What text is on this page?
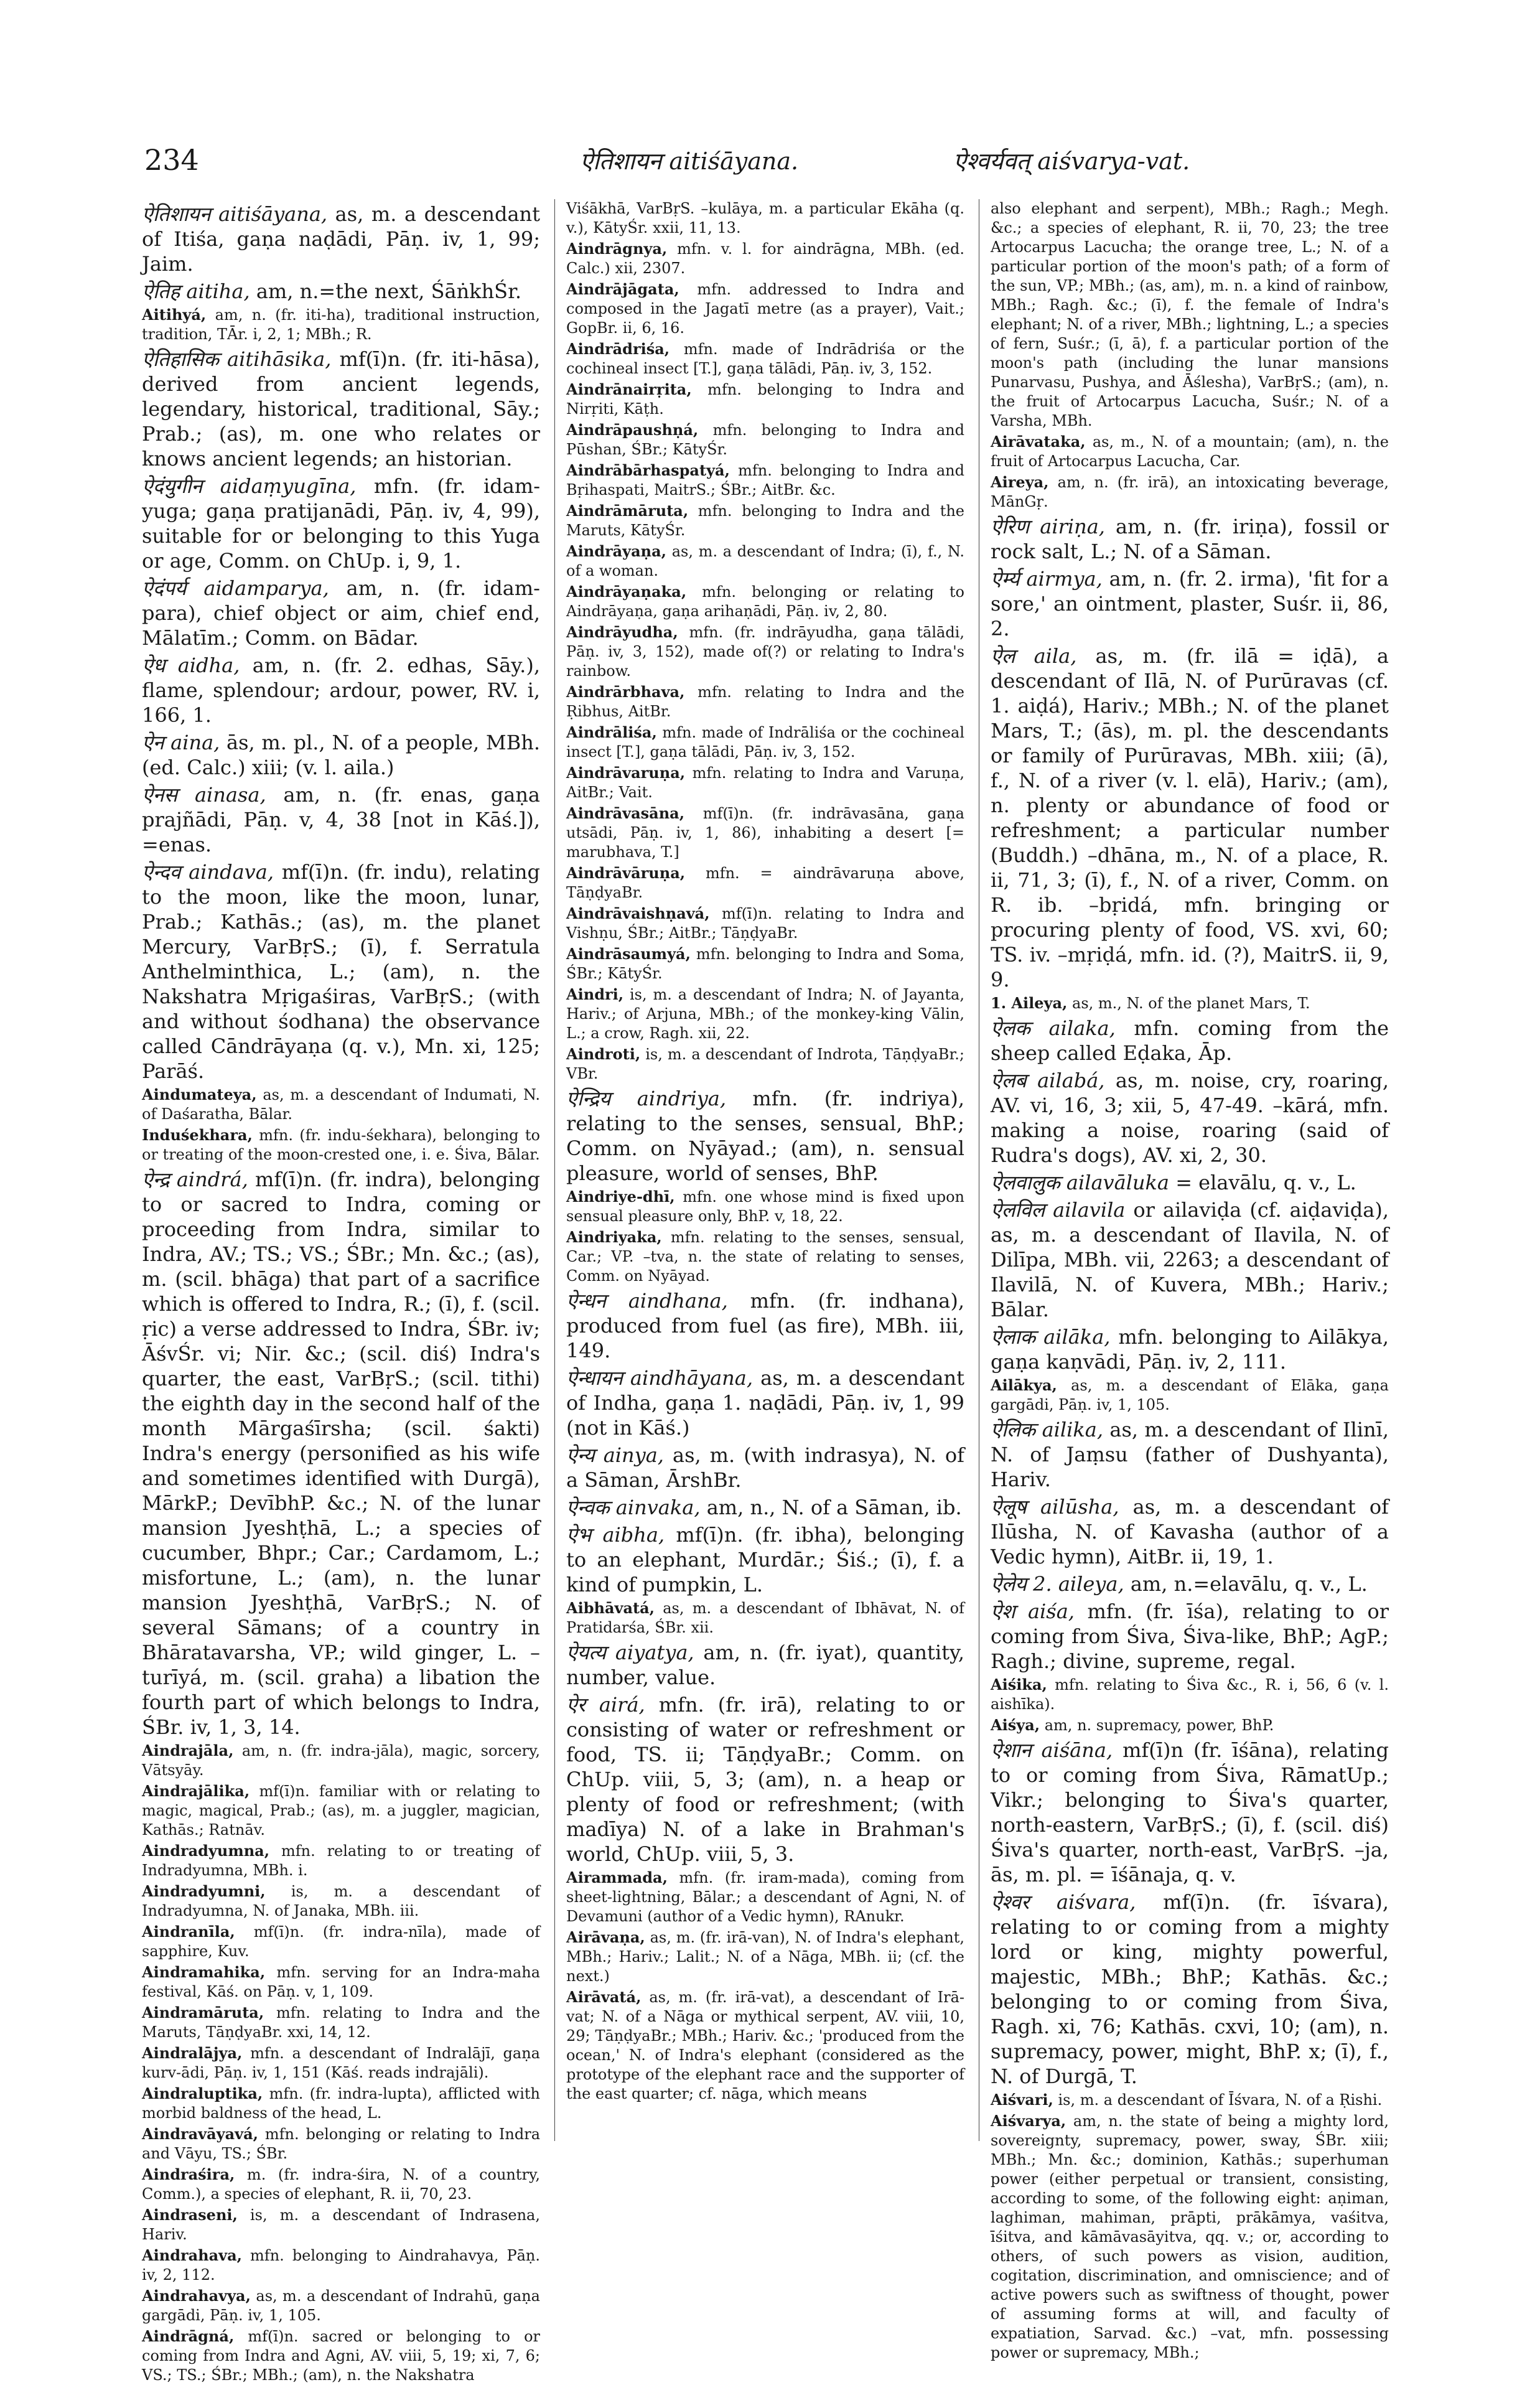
234	ऐतिशायन aitiśāyana.	ऐश्वर्यवत् aiśvarya-vat.

ऐतिशायन aitiśāyana, as, m. a descendant of Itiśa, gaṇa naḍādi, Pāṇ. iv, 1, 99; Jaim.

ऐतिह aitiha, am, n.=the next, ŚāṅkhŚr.

Aitihyá, am, n. (fr. iti-ha), traditional instruction, tradition, TĀr. i, 2, 1; MBh.; R.

ऐतिहासिक aitihāsika, mf(ī)n. (fr. iti-hāsa), derived from ancient legends, legendary, historical, traditional, Sāy.; Prab.; (as), m. one who relates or knows ancient legends; an historian.

ऐदंयुगीन aidaṃyugīna, mfn. (fr. idam-yuga; gaṇa pratijanādi, Pāṇ. iv, 4, 99), suitable for or belonging to this Yuga or age, Comm. on ChUp. i, 9, 1.

ऐदंपर्य aidamparya, am, n. (fr. idam-para), chief object or aim, chief end, Mālatīm.; Comm. on Bādar.

ऐध aidha, am, n. (fr. 2. edhas, Sāy.), flame, splendour; ardour, power, RV. i, 166, 1.

ऐन aina, ās, m. pl., N. of a people, MBh. (ed. Calc.) xiii; (v. l. aila.)

ऐनस ainasa, am, n. (fr. enas, gaṇa prajñādi, Pāṇ. v, 4, 38 [not in Kāś.]), =enas.

ऐन्दव aindava, mf(ī)n. (fr. indu), relating to the moon, like the moon, lunar, Prab.; Kathās.; (as), m. the planet Mercury, VarBṛS.; (ī), f. Serratula Anthelminthica, L.; (am), n. the Nakshatra Mṛigaśiras, VarBṛS.; (with and without śodhana) the observance called Cāndrāyaṇa (q. v.), Mn. xi, 125; Parāś.

Aindumateya, as, m. a descendant of Indumati, N. of Daśaratha, Bālar.

Induśekhara, mfn. (fr. indu-śekhara), belonging to or treating of the moon-crested one, i. e. Śiva, Bālar.

ऐन्द्र aindrá, mf(ī)n. (fr. indra), belonging to or sacred to Indra, coming or proceeding from Indra, similar to Indra, AV.; TS.; VS.; ŚBr.; Mn. &c.; (as), m. (scil. bhāga) that part of a sacrifice which is offered to Indra, R.; (ī), f. (scil. ṛic) a verse addressed to Indra, ŚBr. iv; ĀśvŚr. vi; Nir. &c.; (scil. diś) Indra's quarter, the east, VarBṛS.; (scil. tithi) the eighth day in the second half of the month Mārgaśīrsha; (scil. śakti) Indra's energy (personified as his wife and sometimes identified with Durgā), MārkP.; DevībhP. &c.; N. of the lunar mansion Jyeshṭhā, L.; a species of cucumber, Bhpr.; Car.; Cardamom, L.; misfortune, L.; (am), n. the lunar mansion Jyeshṭhā, VarBṛS.; N. of several Sāmans; of a country in Bhāratavarsha, VP.; wild ginger, L. –turīyá, m. (scil. graha) a libation the fourth part of which belongs to Indra, ŚBr. iv, 1, 3, 14.

Aindrajāla, am, n. (fr. indra-jāla), magic, sorcery, Vātsyāy.

Aindrajālika, mf(ī)n. familiar with or relating to magic, magical, Prab.; (as), m. a juggler, magician, Kathās.; Ratnāv.

Aindradyumna, mfn. relating to or treating of Indradyumna, MBh. i.

Aindradyumni, is, m. a descendant of Indradyumna, N. of Janaka, MBh. iii.

Aindranīla, mf(ī)n. (fr. indra-nīla), made of sapphire, Kuv.

Aindramahika, mfn. serving for an Indra-maha festival, Kāś. on Pāṇ. v, 1, 109.

Aindramāruta, mfn. relating to Indra and the Maruts, TāṇḍyaBr. xxi, 14, 12.

Aindralājya, mfn. a descendant of Indralājī, gaṇa kurv-ādi, Pāṇ. iv, 1, 151 (Kāś. reads indrajāli).

Aindraluptika, mfn. (fr. indra-lupta), afflicted with morbid baldness of the head, L.

Aindravāyavá, mfn. belonging or relating to Indra and Vāyu, TS.; ŚBr.

Aindraśira, m. (fr. indra-śira, N. of a country, Comm.), a species of elephant, R. ii, 70, 23.

Aindraseni, is, m. a descendant of Indrasena, Hariv.

Aindrahava, mfn. belonging to Aindrahavya, Pāṇ. iv, 2, 112.

Aindrahavya, as, m. a descendant of Indrahū, gaṇa gargādi, Pāṇ. iv, 1, 105.

Aindrāgná, mf(ī)n. sacred or belonging to or coming from Indra and Agni, AV. viii, 5, 19; xi, 7, 6; VS.; TS.; ŚBr.; MBh.; (am), n. the Nakshatra

Viśākhā, VarBṛS. –kulāya, m. a particular Ekāha (q. v.), KātyŚr. xxii, 11, 13.

Aindrāgnya, mfn. v. l. for aindrāgna, MBh. (ed. Calc.) xii, 2307.

Aindrājāgata, mfn. addressed to Indra and composed in the Jagatī metre (as a prayer), Vait.; GopBr. ii, 6, 16.

Aindrādriśa, mfn. made of Indrādriśa or the cochineal insect [T.], gaṇa tālādi, Pāṇ. iv, 3, 152.

Aindrānairṛita, mfn. belonging to Indra and Nirṛiti, Kāṭh.

Aindrāpaushṇá, mfn. belonging to Indra and Pūshan, ŚBr.; KātyŚr.

Aindrābārhaspatyá, mfn. belonging to Indra and Bṛihaspati, MaitrS.; ŚBr.; AitBr. &c.

Aindrāmāruta, mfn. belonging to Indra and the Maruts, KātyŚr.

Aindrāyaṇa, as, m. a descendant of Indra; (ī), f., N. of a woman.

Aindrāyaṇaka, mfn. belonging or relating to Aindrāyaṇa, gaṇa arihaṇādi, Pāṇ. iv, 2, 80.

Aindrāyudha, mfn. (fr. indrāyudha, gaṇa tālādi, Pāṇ. iv, 3, 152), made of(?) or relating to Indra's rainbow.

Aindrārbhava, mfn. relating to Indra and the Ṛibhus, AitBr.

Aindrāliśa, mfn. made of Indrāliśa or the cochineal insect [T.], gaṇa tālādi, Pāṇ. iv, 3, 152.

Aindrāvaruṇa, mfn. relating to Indra and Varuṇa, AitBr.; Vait.

Aindrāvasāna, mf(ī)n. (fr. indrāvasāna, gaṇa utsādi, Pāṇ. iv, 1, 86), inhabiting a desert [= marubhava, T.]

Aindrāvāruṇa, mfn. = aindrāvaruṇa above, TāṇḍyaBr.

Aindrāvaishṇavá, mf(ī)n. relating to Indra and Vishṇu, ŚBr.; AitBr.; TāṇḍyaBr.

Aindrāsaumyá, mfn. belonging to Indra and Soma, ŚBr.; KātyŚr.

Aindri, is, m. a descendant of Indra; N. of Jayanta, Hariv.; of Arjuna, MBh.; of the monkey-king Vālin, L.; a crow, Ragh. xii, 22.

Aindroti, is, m. a descendant of Indrota, TāṇḍyaBr.; VBr.

ऐन्द्रिय aindriya, mfn. (fr. indriya), relating to the senses, sensual, BhP.; Comm. on Nyāyad.; (am), n. sensual pleasure, world of senses, BhP.

Aindriye-dhī, mfn. one whose mind is fixed upon sensual pleasure only, BhP. v, 18, 22.

Aindriyaka, mfn. relating to the senses, sensual, Car.; VP. –tva, n. the state of relating to senses, Comm. on Nyāyad.

ऐन्धन aindhana, mfn. (fr. indhana), produced from fuel (as fire), MBh. iii, 149.

ऐन्धायन aindhāyana, as, m. a descendant of Indha, gaṇa 1. naḍādi, Pāṇ. iv, 1, 99 (not in Kāś.)

ऐन्य ainya, as, m. (with indrasya), N. of a Sāman, ĀrshBr.

ऐन्वक ainvaka, am, n., N. of a Sāman, ib.

ऐभ aibha, mf(ī)n. (fr. ibha), belonging to an elephant, Murdār.; Śiś.; (ī), f. a kind of pumpkin, L.

Aibhāvatá, as, m. a descendant of Ibhāvat, N. of Pratidarśa, ŚBr. xii.

ऐयत्य aiyatya, am, n. (fr. iyat), quantity, number, value.

ऐर airá, mfn. (fr. irā), relating to or consisting of water or refreshment or food, TS. ii; TāṇḍyaBr.; Comm. on ChUp. viii, 5, 3; (am), n. a heap or plenty of food or refreshment; (with madīya) N. of a lake in Brahman's world, ChUp. viii, 5, 3.

Airammada, mfn. (fr. iram-mada), coming from sheet-lightning, Bālar.; a descendant of Agni, N. of Devamuni (author of a Vedic hymn), RAnukr.

Airāvaṇa, as, m. (fr. irā-van), N. of Indra's elephant, MBh.; Hariv.; Lalit.; N. of a Nāga, MBh. ii; (cf. the next.)

Airāvatá, as, m. (fr. irā-vat), a descendant of Irā-vat; N. of a Nāga or mythical serpent, AV. viii, 10, 29; TāṇḍyaBr.; MBh.; Hariv. &c.; 'produced from the ocean,' N. of Indra's elephant (considered as the prototype of the elephant race and the supporter of the east quarter; cf. nāga, which means

also elephant and serpent), MBh.; Ragh.; Megh. &c.; a species of elephant, R. ii, 70, 23; the tree Artocarpus Lacucha; the orange tree, L.; N. of a particular portion of the moon's path; of a form of the sun, VP.; MBh.; (as, am), m. n. a kind of rainbow, MBh.; Ragh. &c.; (ī), f. the female of Indra's elephant; N. of a river, MBh.; lightning, L.; a species of fern, Suśr.; (ī, ā), f. a particular portion of the moon's path (including the lunar mansions Punarvasu, Pushya, and Āślesha), VarBṛS.; (am), n. the fruit of Artocarpus Lacucha, Suśr.; N. of a Varsha, MBh.

Airāvataka, as, m., N. of a mountain; (am), n. the fruit of Artocarpus Lacucha, Car.

Aireya, am, n. (fr. irā), an intoxicating beverage, MānGṛ.

ऐरिण airiṇa, am, n. (fr. iriṇa), fossil or rock salt, L.; N. of a Sāman.

ऐर्म्य airmya, am, n. (fr. 2. irma), 'fit for a sore,' an ointment, plaster, Suśr. ii, 86, 2.

ऐल aila, as, m. (fr. ilā = iḍā), a descendant of Ilā, N. of Purūravas (cf. 1. aiḍá), Hariv.; MBh.; N. of the planet Mars, T.; (ās), m. pl. the descendants or family of Purūravas, MBh. xiii; (ā), f., N. of a river (v. l. elā), Hariv.; (am), n. plenty or abundance of food or refreshment; a particular number (Buddh.) –dhāna, m., N. of a place, R. ii, 71, 3; (ī), f., N. of a river, Comm. on R. ib. –bṛidá, mfn. bringing or procuring plenty of food, VS. xvi, 60; TS. iv. –mṛiḍá, mfn. id. (?), MaitrS. ii, 9, 9.

1. Aileya, as, m., N. of the planet Mars, T.

ऐलक ailaka, mfn. coming from the sheep called Eḍaka, Āp.

ऐलब ailabá, as, m. noise, cry, roaring, AV. vi, 16, 3; xii, 5, 47-49. –kārá, mfn. making a noise, roaring (said of Rudra's dogs), AV. xi, 2, 30.

ऐलवालुक ailavāluka = elavālu, q. v., L.

ऐलविल ailavila or ailaviḍa (cf. aiḍaviḍa), as, m. a descendant of Ilavila, N. of Dilīpa, MBh. vii, 2263; a descendant of Ilavilā, N. of Kuvera, MBh.; Hariv.; Bālar.

ऐलाक ailāka, mfn. belonging to Ailākya, gaṇa kaṇvādi, Pāṇ. iv, 2, 111.

Ailākya, as, m. a descendant of Elāka, gaṇa gargādi, Pāṇ. iv, 1, 105.

ऐलिक ailika, as, m. a descendant of Ilinī, N. of Jaṃsu (father of Dushyanta), Hariv.

ऐलूष ailūsha, as, m. a descendant of Ilūsha, N. of Kavasha (author of a Vedic hymn), AitBr. ii, 19, 1.

ऐलेय 2. aileya, am, n.=elavālu, q. v., L.

ऐश aiśa, mfn. (fr. īśa), relating to or coming from Śiva, Śiva-like, BhP.; AgP.; Ragh.; divine, supreme, regal.

Aiśika, mfn. relating to Śiva &c., R. i, 56, 6 (v. l. aishīka).

Aiśya, am, n. supremacy, power, BhP.

ऐशान aiśāna, mf(ī)n (fr. īśāna), relating to or coming from Śiva, RāmatUp.; Vikr.; belonging to Śiva's quarter, north-eastern, VarBṛS.; (ī), f. (scil. diś) Śiva's quarter, north-east, VarBṛS. –ja, ās, m. pl. = īśānaja, q. v.

ऐश्वर aiśvara, mf(ī)n. (fr. īśvara), relating to or coming from a mighty lord or king, mighty powerful, majestic, MBh.; BhP.; Kathās. &c.; belonging to or coming from Śiva, Ragh. xi, 76; Kathās. cxvi, 10; (am), n. supremacy, power, might, BhP. x; (ī), f., N. of Durgā, T.

Aiśvari, is, m. a descendant of Īśvara, N. of a Ṛishi.

Aiśvarya, am, n. the state of being a mighty lord, sovereignty, supremacy, power, sway, ŚBr. xiii; MBh.; Mn. &c.; dominion, Kathās.; superhuman power (either perpetual or transient, consisting, according to some, of the following eight: aṇiman, laghiman, mahiman, prāpti, prākāmya, vaśitva, īśitva, and kāmāvasāyitva, qq. v.; or, according to others, of such powers as vision, audition, cogitation, discrimination, and omniscience; and of active powers such as swiftness of thought, power of assuming forms at will, and faculty of expatiation, Sarvad. &c.) –vat, mfn. possessing power or supremacy, MBh.;
